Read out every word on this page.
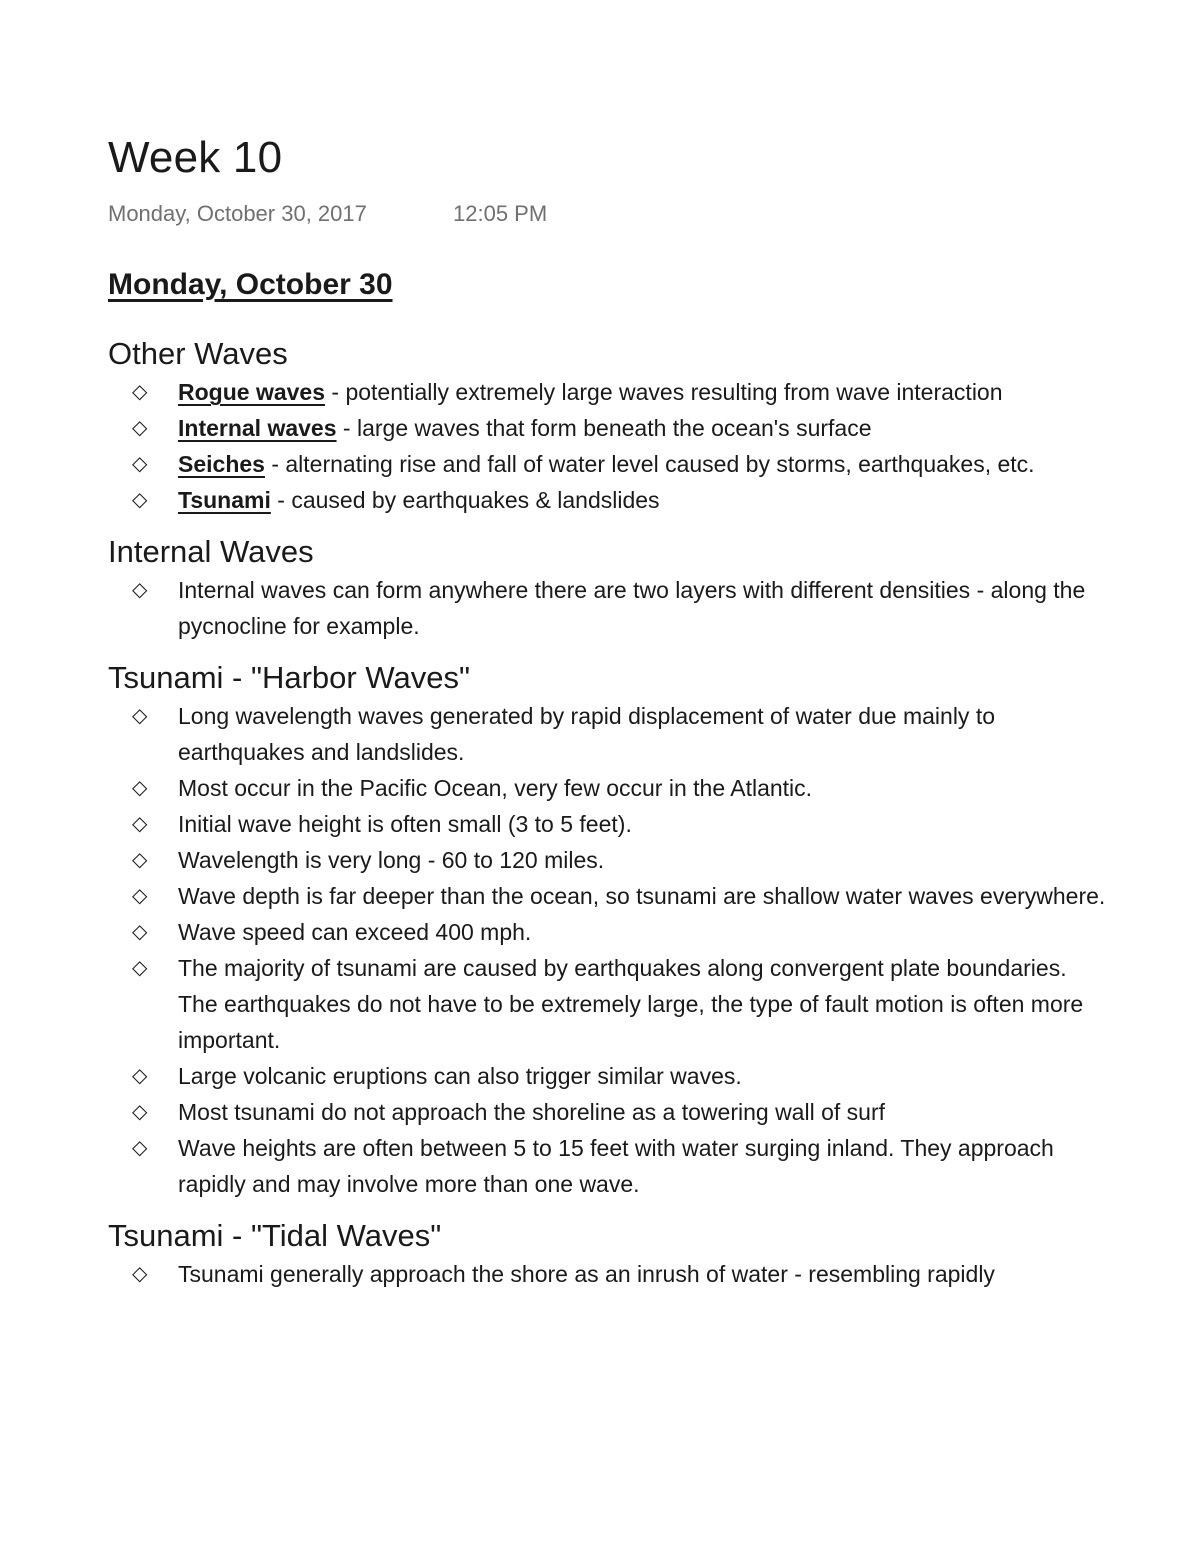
Week 10
Monday, October 30, 2017	12:05 PM
Monday, October 30
Other Waves
◇ Rogue waves - potentially extremely large waves resulting from wave interaction
◇ Internal waves - large waves that form beneath the ocean's surface
◇ Seiches - alternating rise and fall of water level caused by storms, earthquakes, etc.
◇ Tsunami - caused by earthquakes & landslides
Internal Waves
◇ Internal waves can form anywhere there are two layers with different densities - along the pycnocline for example.
Tsunami - "Harbor Waves"
◇ Long wavelength waves generated by rapid displacement of water due mainly to earthquakes and landslides.
◇ Most occur in the Pacific Ocean, very few occur in the Atlantic.
◇ Initial wave height is often small (3 to 5 feet).
◇ Wavelength is very long - 60 to 120 miles.
◇ Wave depth is far deeper than the ocean, so tsunami are shallow water waves everywhere.
◇ Wave speed can exceed 400 mph.
◇ The majority of tsunami are caused by earthquakes along convergent plate boundaries. The earthquakes do not have to be extremely large, the type of fault motion is often more important.
◇ Large volcanic eruptions can also trigger similar waves.
◇ Most tsunami do not approach the shoreline as a towering wall of surf
◇ Wave heights are often between 5 to 15 feet with water surging inland. They approach rapidly and may involve more than one wave.
Tsunami - "Tidal Waves"
◇ Tsunami generally approach the shore as an inrush of water - resembling rapidly
